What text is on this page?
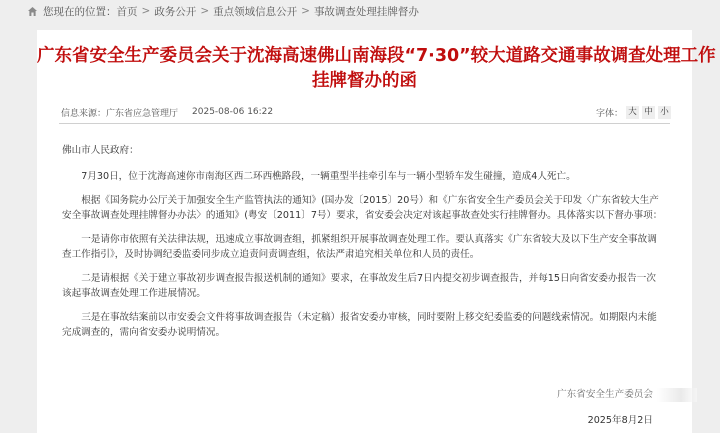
您现在的位置： 首页 > 政务公开 > 重点领域信息公开 > 事故调查处理挂牌督办
广东省安全生产委员会关于沈海高速佛山南海段“7·30”较大道路交通事故调查处理工作
挂牌督办的函
信息来源： 广东省应急管理厅 2025-08-06 16:22	字体： 大 中 小

佛山市人民政府：

7月30日，位于沈海高速你市南海区西二环西樵路段，一辆重型半挂牵引车与一辆小型轿车发生碰撞，造成4人死亡。

根据《国务院办公厅关于加强安全生产监管执法的通知》(国办发〔2015〕20号）和《广东省安全生产委员会关于印发〈广东省较大生产安全事故调查处理挂牌督办办法〉的通知》(粤安〔2011〕7号）要求，省安委会决定对该起事故查处实行挂牌督办。具体落实以下督办事项：

一是请你市依照有关法律法规，迅速成立事故调查组，抓紧组织开展事故调查处理工作。要认真落实《广东省较大及以下生产安全事故调查工作指引》，及时协调纪委监委同步成立追责问责调查组，依法严肃追究相关单位和人员的责任。

二是请根据《关于建立事故初步调查报告报送机制的通知》要求，在事故发生后7日内提交初步调查报告，并每15日向省安委办报告一次该起事故调查处理工作进展情况。

三是在事故结案前以市安委会文件将事故调查报告（未定稿）报省安委办审核，同时要附上移交纪委监委的问题线索情况。如期限内未能完成调查的，需向省安委办说明情况。

广东省安全生产委员会
2025年8月2日
